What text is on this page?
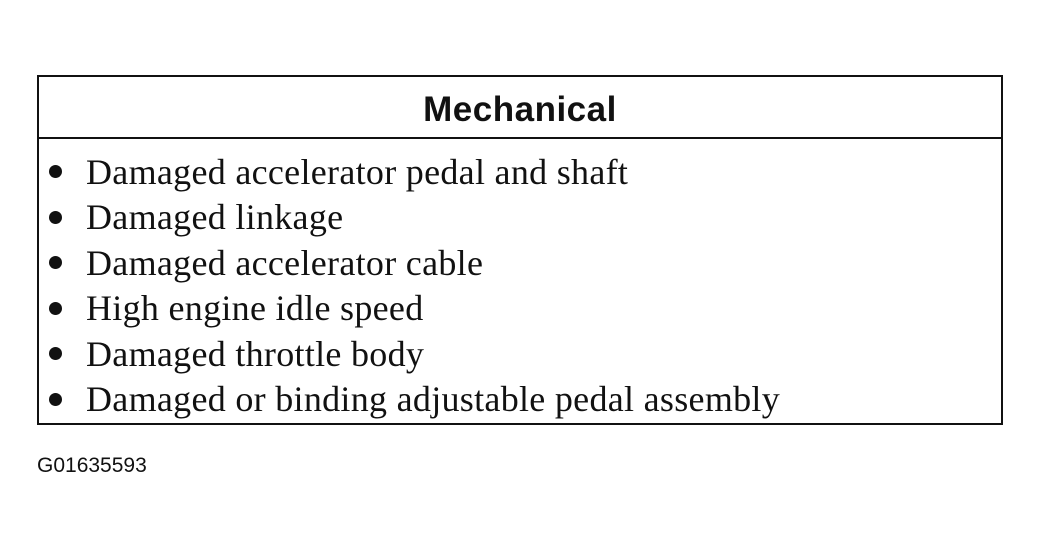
Mechanical
Damaged accelerator pedal and shaft
Damaged linkage
Damaged accelerator cable
High engine idle speed
Damaged throttle body
Damaged or binding adjustable pedal assembly
G01635593
